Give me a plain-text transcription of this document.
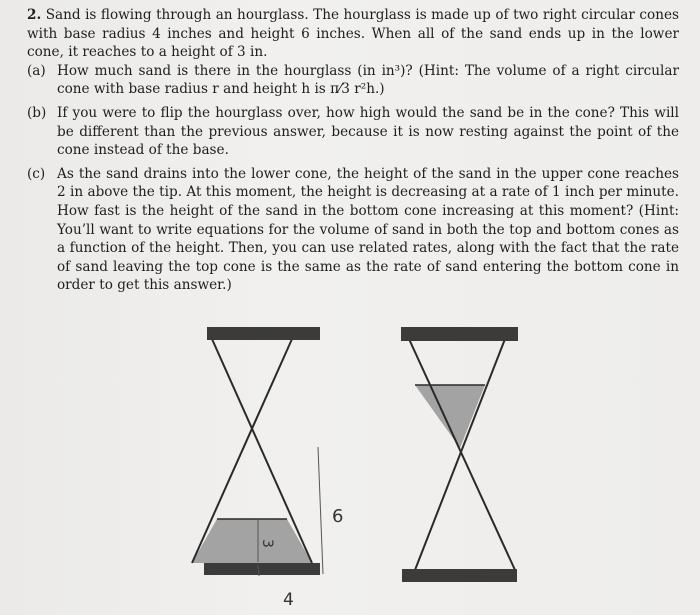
2. Sand is flowing through an hourglass. The hourglass is made up of two right circular cones with base radius 4 inches and height 6 inches. When all of the sand ends up in the lower cone, it reaches to a height of 3 in.

(a) How much sand is there in the hourglass (in in³)? (Hint: The volume of a right circular cone with base radius r and height h is π⁄3 r²h.)
(b) If you were to flip the hourglass over, how high would the sand be in the cone? This will be different than the previous answer, because it is now resting against the point of the cone instead of the base.
(c) As the sand drains into the lower cone, the height of the sand in the upper cone reaches 2 in above the tip. At this moment, the height is decreasing at a rate of 1 inch per minute. How fast is the height of the sand in the bottom cone increasing at this moment? (Hint: You’ll want to write equations for the volume of sand in both the top and bottom cones as a function of the height. Then, you can use related rates, along with the fact that the rate of sand leaving the top cone is the same as the rate of sand entering the bottom cone in order to get this answer.)
3
6
4
